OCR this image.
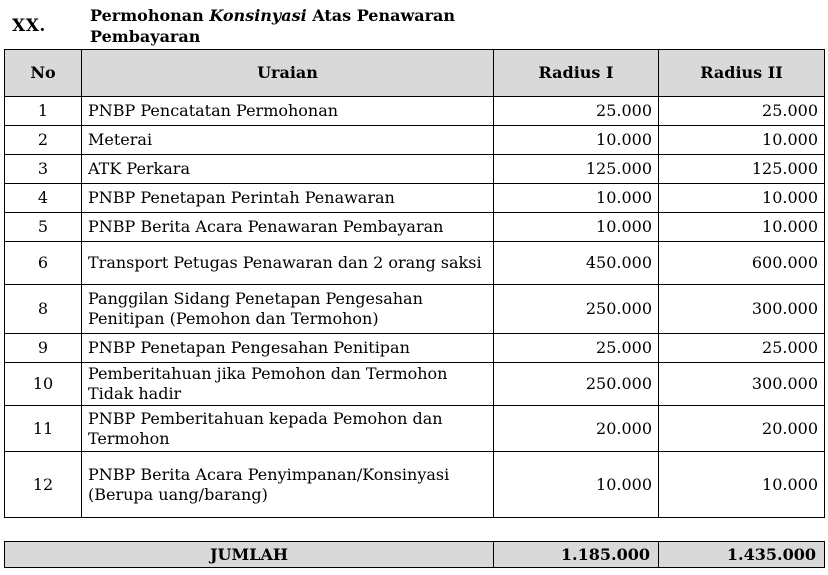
XX.
Permohonan Konsinyasi Atas Penawaran Pembayaran
No	Uraian	Radius I	Radius II
1	PNBP Pencatatan Permohonan	25.000	25.000
2	Meterai	10.000	10.000
3	ATK Perkara	125.000	125.000
4	PNBP Penetapan Perintah Penawaran	10.000	10.000
5	PNBP Berita Acara Penawaran Pembayaran	10.000	10.000
6	Transport Petugas Penawaran dan 2 orang saksi	450.000	600.000
8	Panggilan Sidang Penetapan Pengesahan Penitipan (Pemohon dan Termohon)	250.000	300.000
9	PNBP Penetapan Pengesahan Penitipan	25.000	25.000
10	Pemberitahuan jika Pemohon dan Termohon Tidak hadir	250.000	300.000
11	PNBP Pemberitahuan kepada Pemohon dan Termohon	20.000	20.000
12	PNBP Berita Acara Penyimpanan/Konsinyasi (Berupa uang/barang)	10.000	10.000
JUMLAH	1.185.000	1.435.000
